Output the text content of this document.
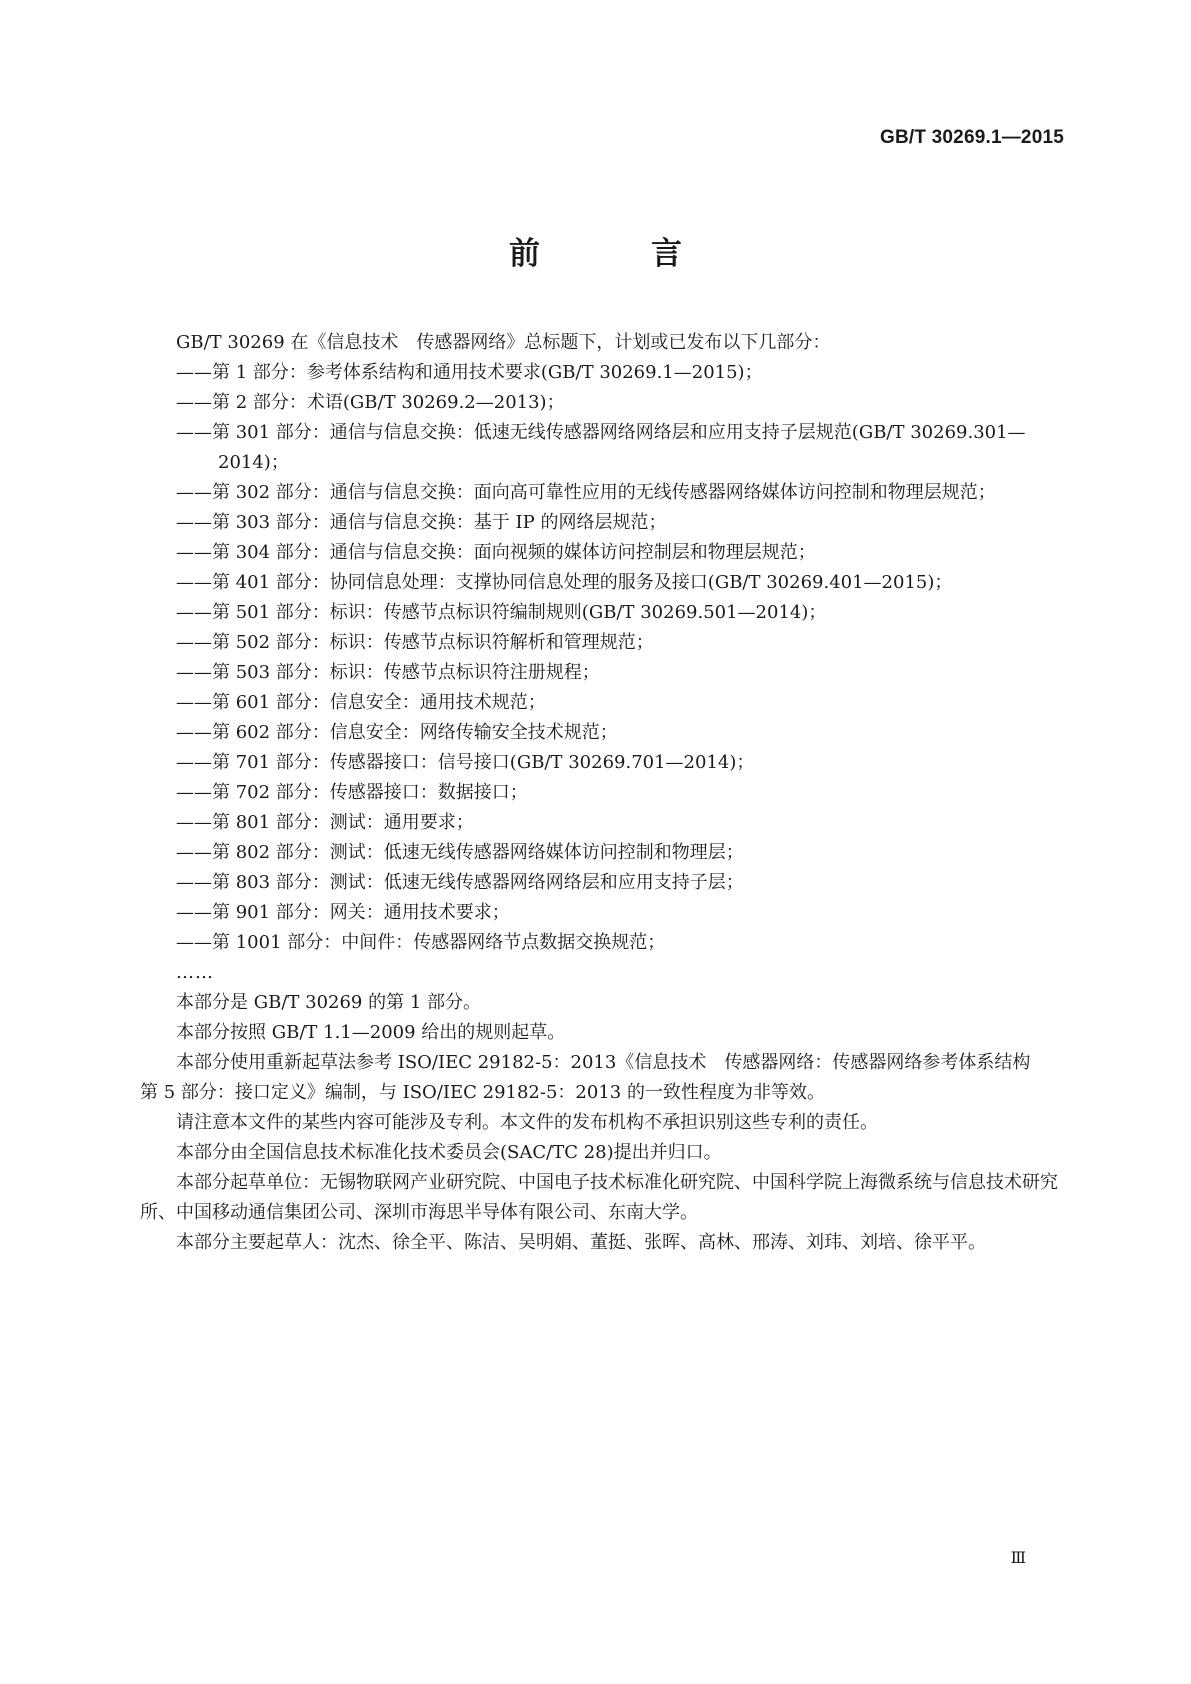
GB/T 30269.1—2015
前　言

GB/T 30269 在《信息技术　传感器网络》总标题下，计划或已发布以下几部分：

——第 1 部分：参考体系结构和通用技术要求(GB/T 30269.1—2015)；

——第 2 部分：术语(GB/T 30269.2—2013)；

——第 301 部分：通信与信息交换：低速无线传感器网络网络层和应用支持子层规范(GB/T 30269.301—2014)；

——第 302 部分：通信与信息交换：面向高可靠性应用的无线传感器网络媒体访问控制和物理层规范；

——第 303 部分：通信与信息交换：基于 IP 的网络层规范；

——第 304 部分：通信与信息交换：面向视频的媒体访问控制层和物理层规范；

——第 401 部分：协同信息处理：支撑协同信息处理的服务及接口(GB/T 30269.401—2015)；

——第 501 部分：标识：传感节点标识符编制规则(GB/T 30269.501—2014)；

——第 502 部分：标识：传感节点标识符解析和管理规范；

——第 503 部分：标识：传感节点标识符注册规程；

——第 601 部分：信息安全：通用技术规范；

——第 602 部分：信息安全：网络传输安全技术规范；

——第 701 部分：传感器接口：信号接口(GB/T 30269.701—2014)；

——第 702 部分：传感器接口：数据接口；

——第 801 部分：测试：通用要求；

——第 802 部分：测试：低速无线传感器网络媒体访问控制和物理层；

——第 803 部分：测试：低速无线传感器网络网络层和应用支持子层；

——第 901 部分：网关：通用技术要求；

——第 1001 部分：中间件：传感器网络节点数据交换规范；

……

本部分是 GB/T 30269 的第 1 部分。

本部分按照 GB/T 1.1—2009 给出的规则起草。

本部分使用重新起草法参考 ISO/IEC 29182-5：2013《信息技术　传感器网络：传感器网络参考体系结构　第 5 部分：接口定义》编制，与 ISO/IEC 29182-5：2013 的一致性程度为非等效。

请注意本文件的某些内容可能涉及专利。本文件的发布机构不承担识别这些专利的责任。

本部分由全国信息技术标准化技术委员会(SAC/TC 28)提出并归口。

本部分起草单位：无锡物联网产业研究院、中国电子技术标准化研究院、中国科学院上海微系统与信息技术研究所、中国移动通信集团公司、深圳市海思半导体有限公司、东南大学。

本部分主要起草人：沈杰、徐全平、陈洁、吴明娟、董挺、张晖、高林、邢涛、刘玮、刘培、徐平平。

Ⅲ
